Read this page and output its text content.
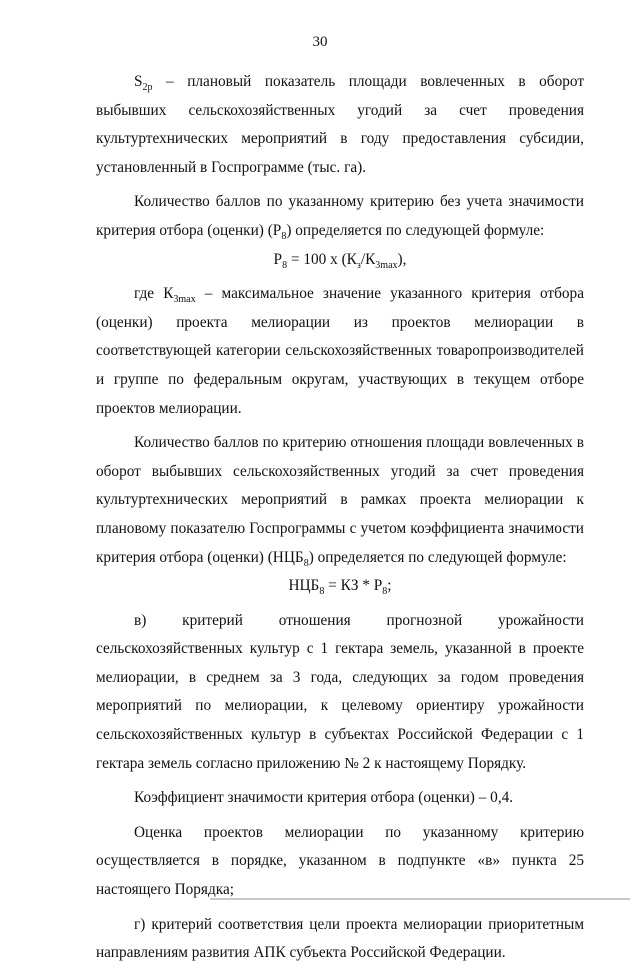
30

$S_{2p}$ – плановый показатель площади вовлеченных в оборот выбывших сельскохозяйственных угодий за счет проведения культуртехнических мероприятий в году предоставления субсидии, установленный в Госпрограмме (тыс. га).

Количество баллов по указанному критерию без учета значимости критерия отбора (оценки) $(Р_8)$ определяется по следующей формуле:

$Р_8 = 100$ х $(К_з/К_{3max})$,

где $К_{3max}$ – максимальное значение указанного критерия отбора (оценки) проекта мелиорации из проектов мелиорации в соответствующей категории сельскохозяйственных товаропроизводителей и группе по федеральным округам, участвующих в текущем отборе проектов мелиорации.

Количество баллов по критерию отношения площади вовлеченных в оборот выбывших сельскохозяйственных угодий за счет проведения культуртехнических мероприятий в рамках проекта мелиорации к плановому показателю Госпрограммы с учетом коэффициента значимости критерия отбора (оценки) $(НЦБ_8)$ определяется по следующей формуле:

$НЦБ_8$ = КЗ * $Р_8$;

в) критерий отношения прогнозной урожайности сельскохозяйственных культур с 1 гектара земель, указанной в проекте мелиорации, в среднем за 3 года, следующих за годом проведения мероприятий по мелиорации, к целевому ориентиру урожайности сельскохозяйственных культур в субъектах Российской Федерации с 1 гектара земель согласно приложению № 2 к настоящему Порядку.

Коэффициент значимости критерия отбора (оценки) – 0,4.

Оценка проектов мелиорации по указанному критерию осуществляется в порядке, указанном в подпункте «в» пункта 25 настоящего Порядка;

г) критерий соответствия цели проекта мелиорации приоритетным направлениям развития АПК субъекта Российской Федерации.
